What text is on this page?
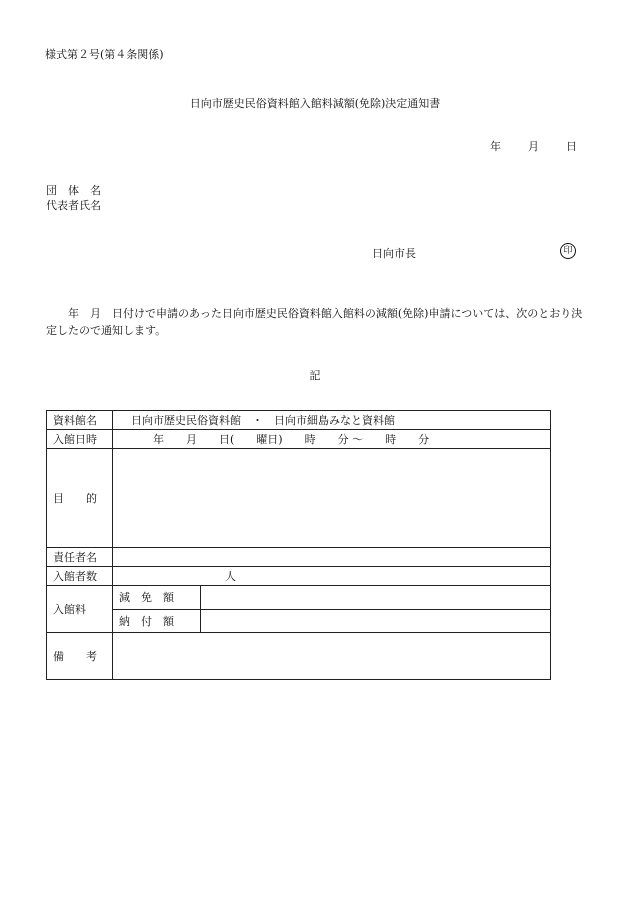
様式第２号(第４条関係)
日向市歴史民俗資料館入館料減額(免除)決定通知書
年 月 日
団　体　名
代表者氏名
日向市長	印
　　年　月　日付けで申請のあった日向市歴史民俗資料館入館料の減額(免除)申請については、次のとおり決定したので通知します。
記
資料館名	日向市歴史民俗資料館　・　日向市細島みなと資料館	
入館日時	年　　月　　日(　　曜日)　　時　　分 ～　　時　　分	
目　　的		
責任者名		
入館者数	人	
入館料	減　免　額	
	納　付　額	
備　　考		
